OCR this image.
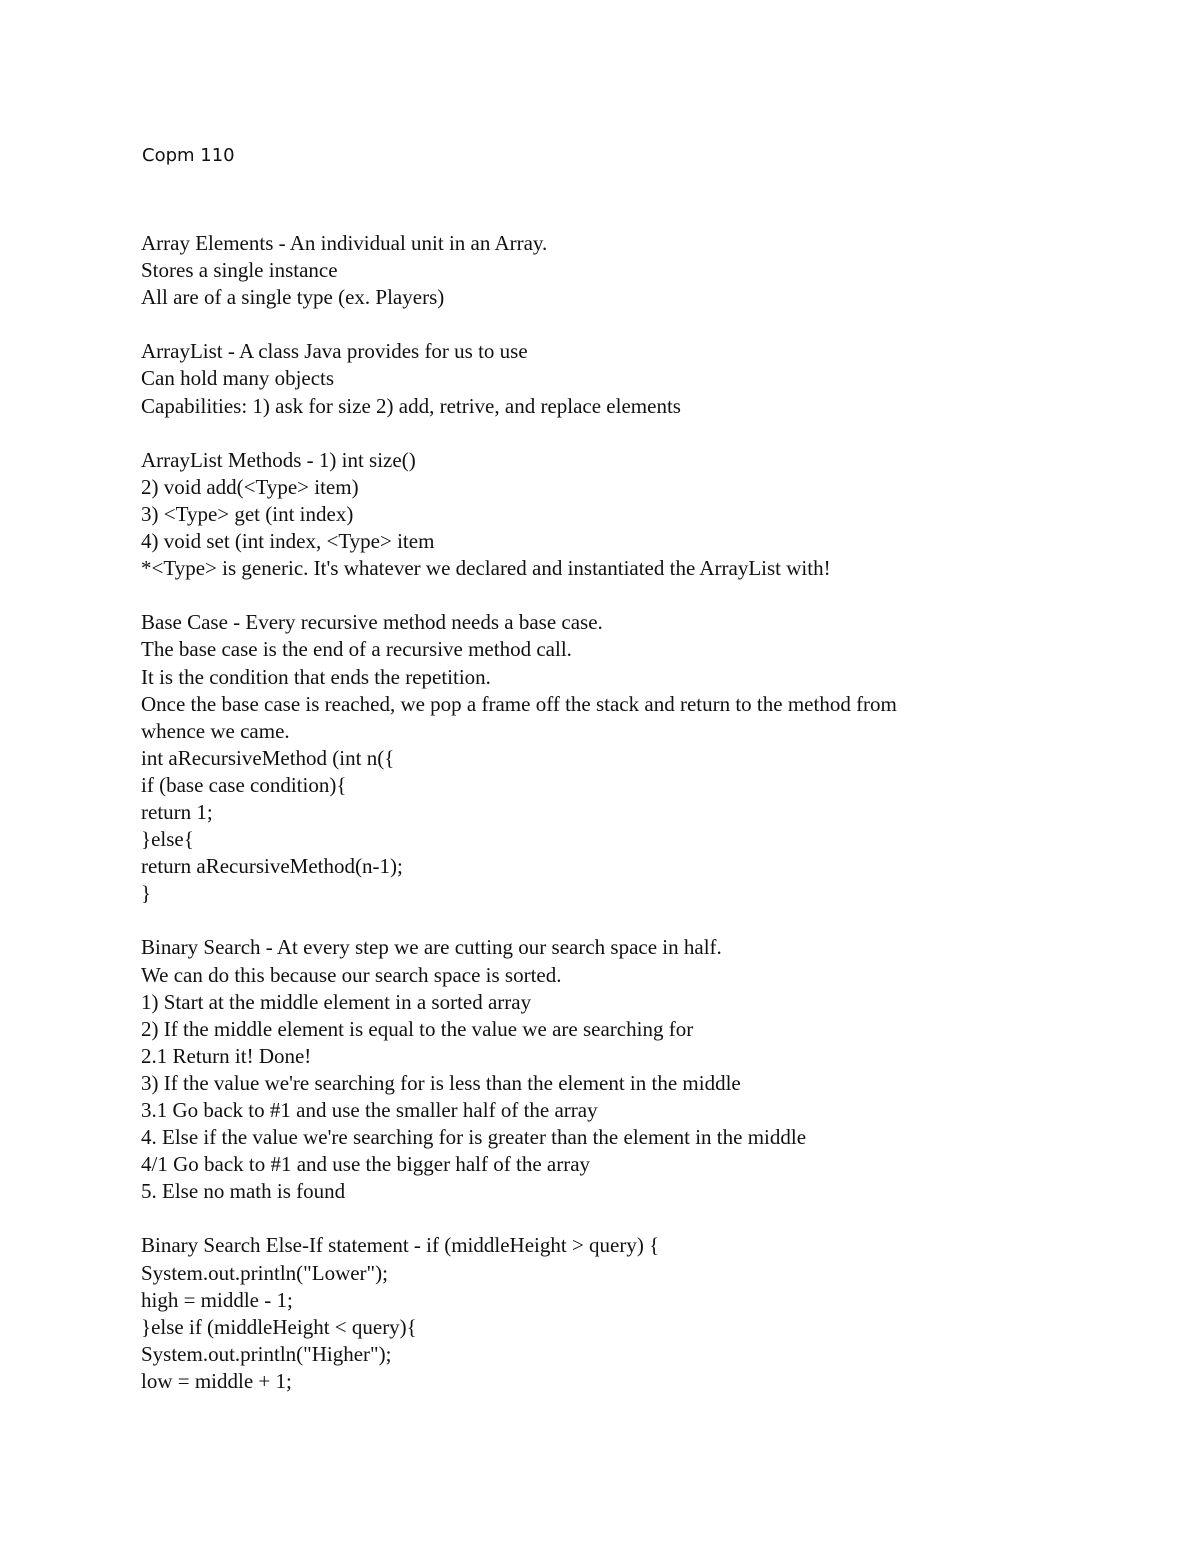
Copm 110
Array Elements - An individual unit in an Array.
Stores a single instance
All are of a single type (ex. Players)
ArrayList - A class Java provides for us to use
Can hold many objects
Capabilities: 1) ask for size 2) add, retrive, and replace elements
ArrayList Methods - 1) int size()
2) void add(<Type> item)
3) <Type> get (int index)
4) void set (int index, <Type> item
*<Type> is generic. It's whatever we declared and instantiated the ArrayList with!
Base Case - Every recursive method needs a base case.
The base case is the end of a recursive method call.
It is the condition that ends the repetition.
Once the base case is reached, we pop a frame off the stack and return to the method from
whence we came.
int aRecursiveMethod (int n({
if (base case condition){
return 1;
}else{
return aRecursiveMethod(n-1);
}
Binary Search - At every step we are cutting our search space in half.
We can do this because our search space is sorted.
1) Start at the middle element in a sorted array
2) If the middle element is equal to the value we are searching for
2.1 Return it! Done!
3) If the value we're searching for is less than the element in the middle
3.1 Go back to #1 and use the smaller half of the array
4. Else if the value we're searching for is greater than the element in the middle
4/1 Go back to #1 and use the bigger half of the array
5. Else no math is found
Binary Search Else-If statement - if (middleHeight > query) {
System.out.println("Lower");
high = middle - 1;
}else if (middleHeight < query){
System.out.println("Higher");
low = middle + 1;
